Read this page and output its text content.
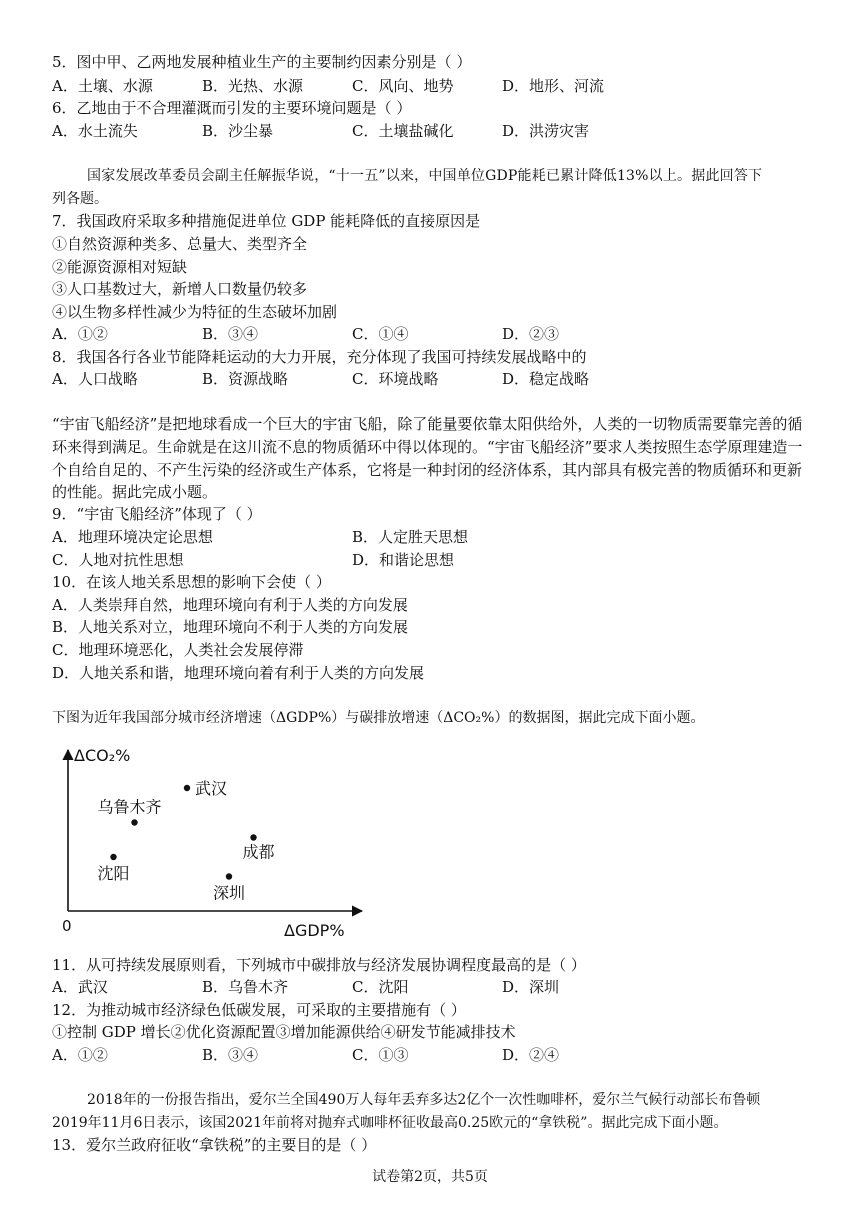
5．图中甲、乙两地发展种植业生产的主要制约因素分别是（ ）
A．土壤、水源	B．光热、水源	C．风向、地势	D．地形、河流
6．乙地由于不合理灌溉而引发的主要环境问题是（ ）
A．水土流失	B．沙尘暴	C．土壤盐碱化	D．洪涝灾害
国家发展改革委员会副主任解振华说，“十一五”以来，中国单位GDP能耗已累计降低13%以上。据此回答下
列各题。
7．我国政府采取多种措施促进单位 GDP 能耗降低的直接原因是
①自然资源种类多、总量大、类型齐全
②能源资源相对短缺
③人口基数过大，新增人口数量仍较多
④以生物多样性减少为特征的生态破坏加剧
A．①②	B．③④	C．①④	D．②③
8．我国各行各业节能降耗运动的大力开展，充分体现了我国可持续发展战略中的
A．人口战略	B．资源战略	C．环境战略	D．稳定战略
“宇宙飞船经济”是把地球看成一个巨大的宇宙飞船，除了能量要依靠太阳供给外，人类的一切物质需要靠完善的循
环来得到满足。生命就是在这川流不息的物质循环中得以体现的。“宇宙飞船经济”要求人类按照生态学原理建造一
个自给自足的、不产生污染的经济或生产体系，它将是一种封闭的经济体系，其内部具有极完善的物质循环和更新
的性能。据此完成小题。
9．“宇宙飞船经济”体现了（ ）
A．地理环境决定论思想	B．人定胜天思想
C．人地对抗性思想	D．和谐论思想
10．在该人地关系思想的影响下会使（ ）
A．人类崇拜自然，地理环境向有利于人类的方向发展
B．人地关系对立，地理环境向不利于人类的方向发展
C．地理环境恶化，人类社会发展停滞
D．人地关系和谐，地理环境向着有利于人类的方向发展
下图为近年我国部分城市经济增速（ΔGDP%）与碳排放增速（ΔCO₂%）的数据图，据此完成下面小题。
ΔCO₂%
ΔGDP%
0
武汉
乌鲁木齐
成都
沈阳
深圳
11．从可持续发展原则看，下列城市中碳排放与经济发展协调程度最高的是（ ）
A．武汉	B．乌鲁木齐	C．沈阳	D．深圳
12．为推动城市经济绿色低碳发展，可采取的主要措施有（ ）
①控制 GDP 增长②优化资源配置③增加能源供给④研发节能减排技术
A．①②	B．③④	C．①③	D．②④
2018年的一份报告指出，爱尔兰全国490万人每年丢弃多达2亿个一次性咖啡杯，爱尔兰气候行动部长布鲁顿
2019年11月6日表示，该国2021年前将对抛弃式咖啡杯征收最高0.25欧元的“拿铁税”。据此完成下面小题。
13．爱尔兰政府征收“拿铁税”的主要目的是（ ）
试卷第2页，共5页
